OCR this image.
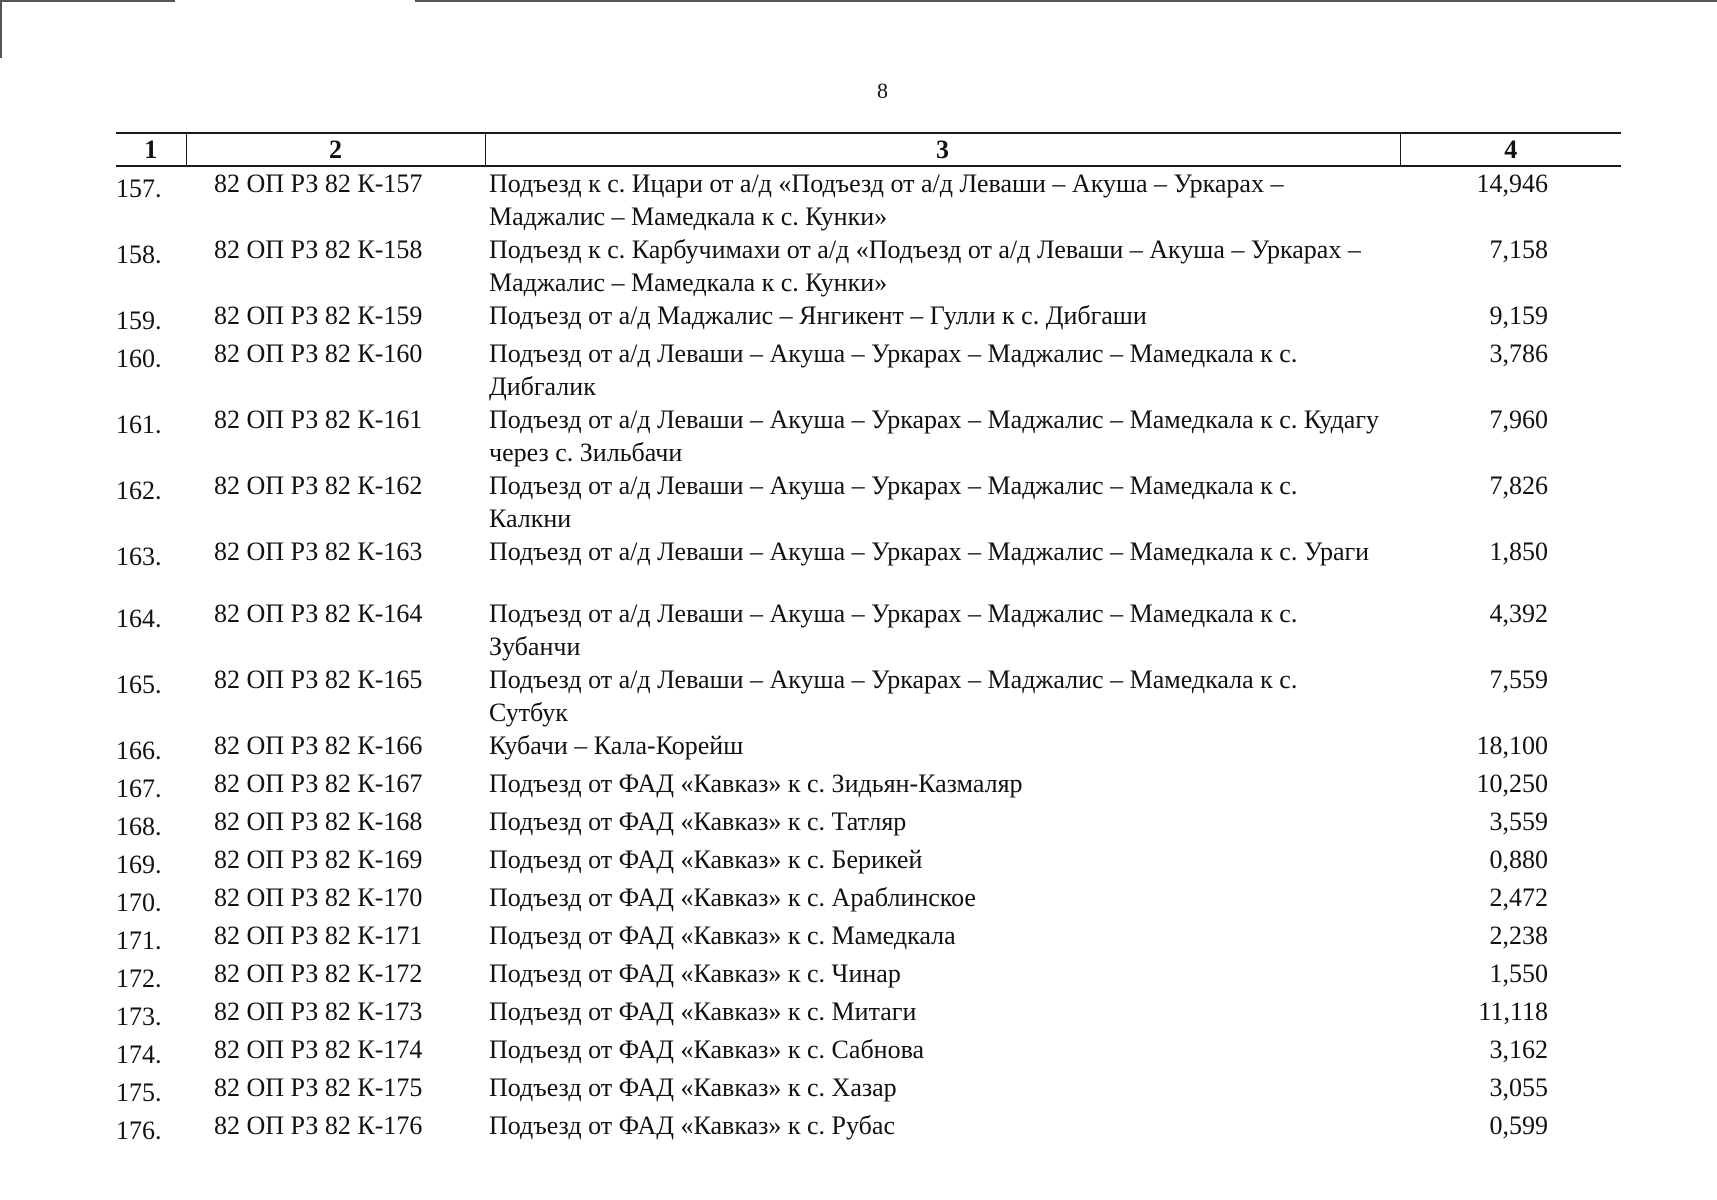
8
1	2	3	4
157.	82 ОП РЗ 82 К-157	Подъезд к с. Ицари от а/д «Подъезд от а/д Леваши – Акуша – Уркарах – Маджалис – Мамедкала к с. Кунки»	14,946
158.	82 ОП РЗ 82 К-158	Подъезд к с. Карбучимахи от а/д «Подъезд от а/д Леваши – Акуша – Уркарах – Маджалис – Мамедкала к с. Кунки»	7,158
159.	82 ОП РЗ 82 К-159	Подъезд от а/д Маджалис – Янгикент – Гулли к с. Дибгаши	9,159
160.	82 ОП РЗ 82 К-160	Подъезд от а/д Леваши – Акуша – Уркарах – Маджалис – Мамедкала к с. Дибгалик	3,786
161.	82 ОП РЗ 82 К-161	Подъезд от а/д Леваши – Акуша – Уркарах – Маджалис – Мамедкала к с. Кудагу через с. Зильбачи	7,960
162.	82 ОП РЗ 82 К-162	Подъезд от а/д Леваши – Акуша – Уркарах – Маджалис – Мамедкала к с. Калкни	7,826
163.	82 ОП РЗ 82 К-163	Подъезд от а/д Леваши – Акуша – Уркарах – Маджалис – Мамедкала к с. Ураги	1,850
164.	82 ОП РЗ 82 К-164	Подъезд от а/д Леваши – Акуша – Уркарах – Маджалис – Мамедкала к с. Зубанчи	4,392
165.	82 ОП РЗ 82 К-165	Подъезд от а/д Леваши – Акуша – Уркарах – Маджалис – Мамедкала к с. Сутбук	7,559
166.	82 ОП РЗ 82 К-166	Кубачи – Кала-Корейш	18,100
167.	82 ОП РЗ 82 К-167	Подъезд от ФАД «Кавказ» к с. Зидьян-Казмаляр	10,250
168.	82 ОП РЗ 82 К-168	Подъезд от ФАД «Кавказ» к с. Татляр	3,559
169.	82 ОП РЗ 82 К-169	Подъезд от ФАД «Кавказ» к с. Берикей	0,880
170.	82 ОП РЗ 82 К-170	Подъезд от ФАД «Кавказ» к с. Араблинское	2,472
171.	82 ОП РЗ 82 К-171	Подъезд от ФАД «Кавказ» к с. Мамедкала	2,238
172.	82 ОП РЗ 82 К-172	Подъезд от ФАД «Кавказ» к с. Чинар	1,550
173.	82 ОП РЗ 82 К-173	Подъезд от ФАД «Кавказ» к с. Митаги	11,118
174.	82 ОП РЗ 82 К-174	Подъезд от ФАД «Кавказ» к с. Сабнова	3,162
175.	82 ОП РЗ 82 К-175	Подъезд от ФАД «Кавказ» к с. Хазар	3,055
176.	82 ОП РЗ 82 К-176	Подъезд от ФАД «Кавказ» к с. Рубас	0,599
